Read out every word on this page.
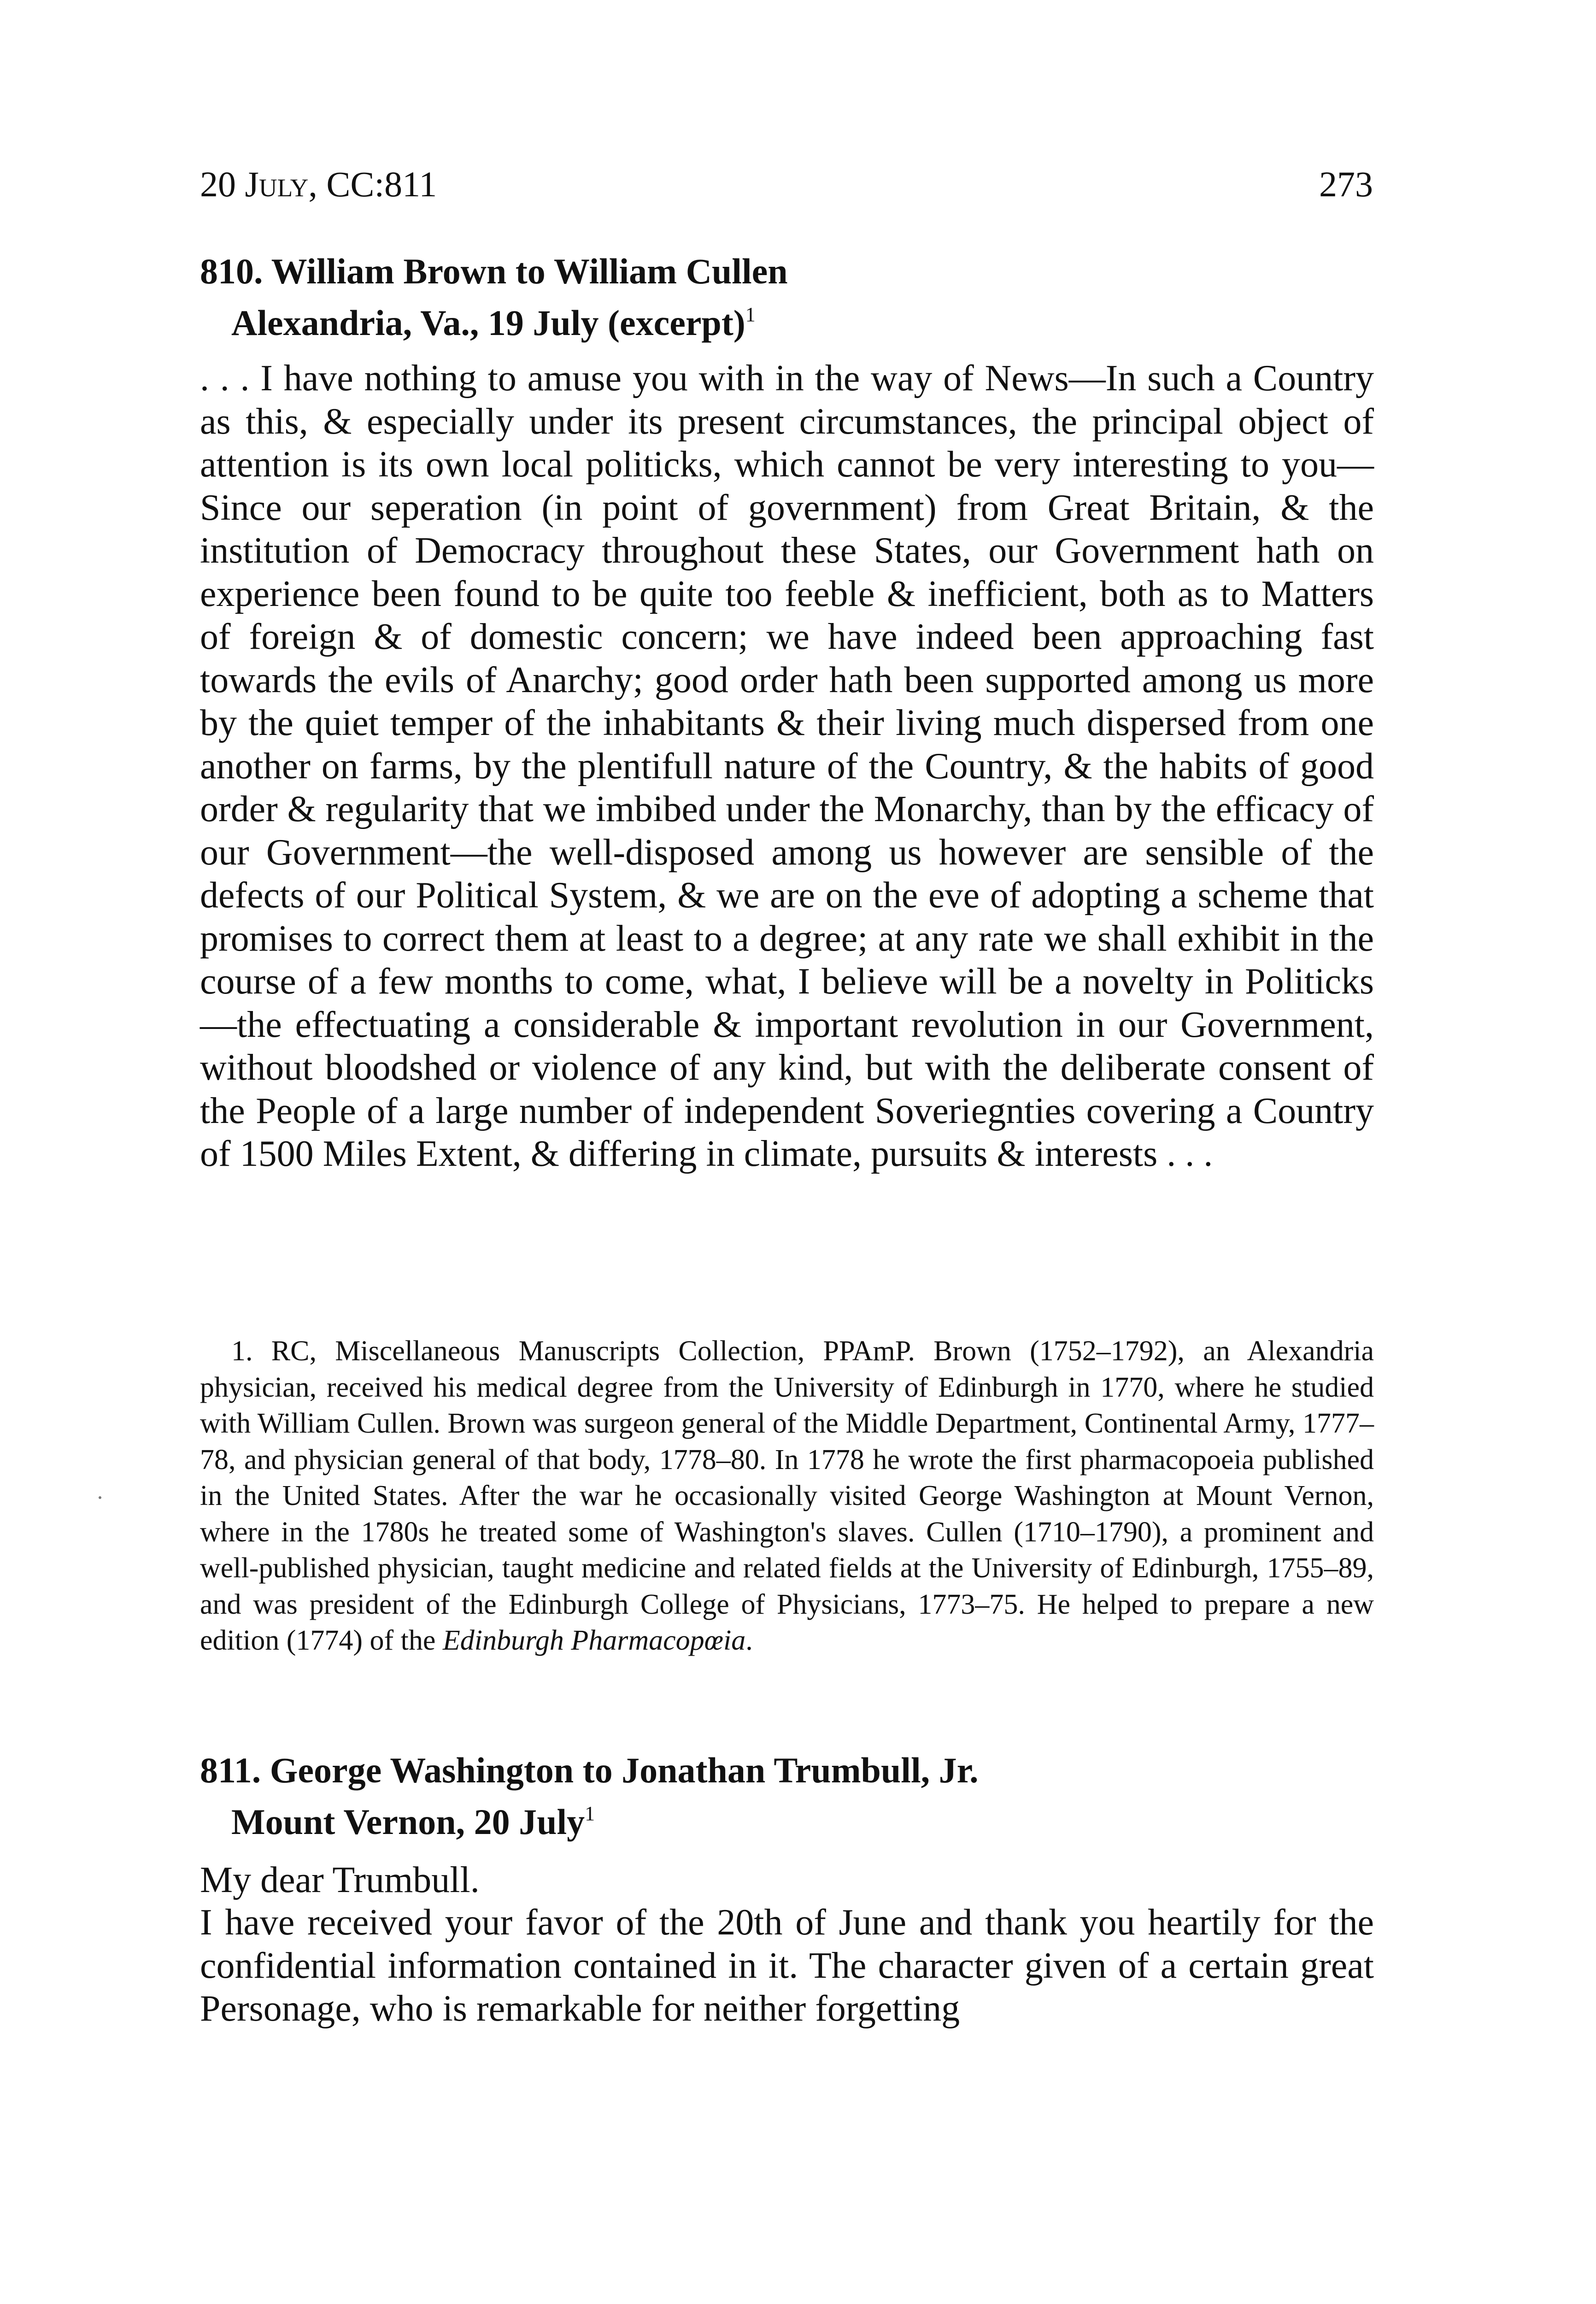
20 July, CC:811	273
810. William Brown to William Cullen
Alexandria, Va., 19 July (excerpt)$^1$
. . . I have nothing to amuse you with in the way of News—In such a Country as this, & especially under its present circumstances, the principal object of attention is its own local politicks, which cannot be very interesting to you—Since our seperation (in point of government) from Great Britain, & the institution of Democracy throughout these States, our Government hath on experience been found to be quite too feeble & inefficient, both as to Matters of foreign & of domestic concern; we have indeed been approaching fast towards the evils of Anarchy; good order hath been supported among us more by the quiet temper of the inhabitants & their living much dispersed from one another on farms, by the plentifull nature of the Country, & the habits of good order & regularity that we imbibed under the Monarchy, than by the efficacy of our Government—the well-disposed among us however are sensible of the defects of our Political System, & we are on the eve of adopting a scheme that promises to correct them at least to a degree; at any rate we shall exhibit in the course of a few months to come, what, I believe will be a novelty in Politicks—the effectuating a considerable & important revolution in our Government, without bloodshed or violence of any kind, but with the deliberate consent of the People of a large number of independent Soveriegnties covering a Country of 1500 Miles Extent, & differing in climate, pursuits & interests . . .
1. RC, Miscellaneous Manuscripts Collection, PPAmP. Brown (1752–1792), an Alexandria physician, received his medical degree from the University of Edinburgh in 1770, where he studied with William Cullen. Brown was surgeon general of the Middle Department, Continental Army, 1777–78, and physician general of that body, 1778–80. In 1778 he wrote the first pharmacopoeia published in the United States. After the war he occasionally visited George Washington at Mount Vernon, where in the 1780s he treated some of Washington's slaves. Cullen (1710–1790), a prominent and well-published physician, taught medicine and related fields at the University of Edinburgh, 1755–89, and was president of the Edinburgh College of Physicians, 1773–75. He helped to prepare a new edition (1774) of the Edinburgh Pharmacopœia.
811. George Washington to Jonathan Trumbull, Jr.
Mount Vernon, 20 July$^1$
My dear Trumbull.
I have received your favor of the 20th of June and thank you heartily for the confidential information contained in it. The character given of a certain great Personage, who is remarkable for neither forgetting
